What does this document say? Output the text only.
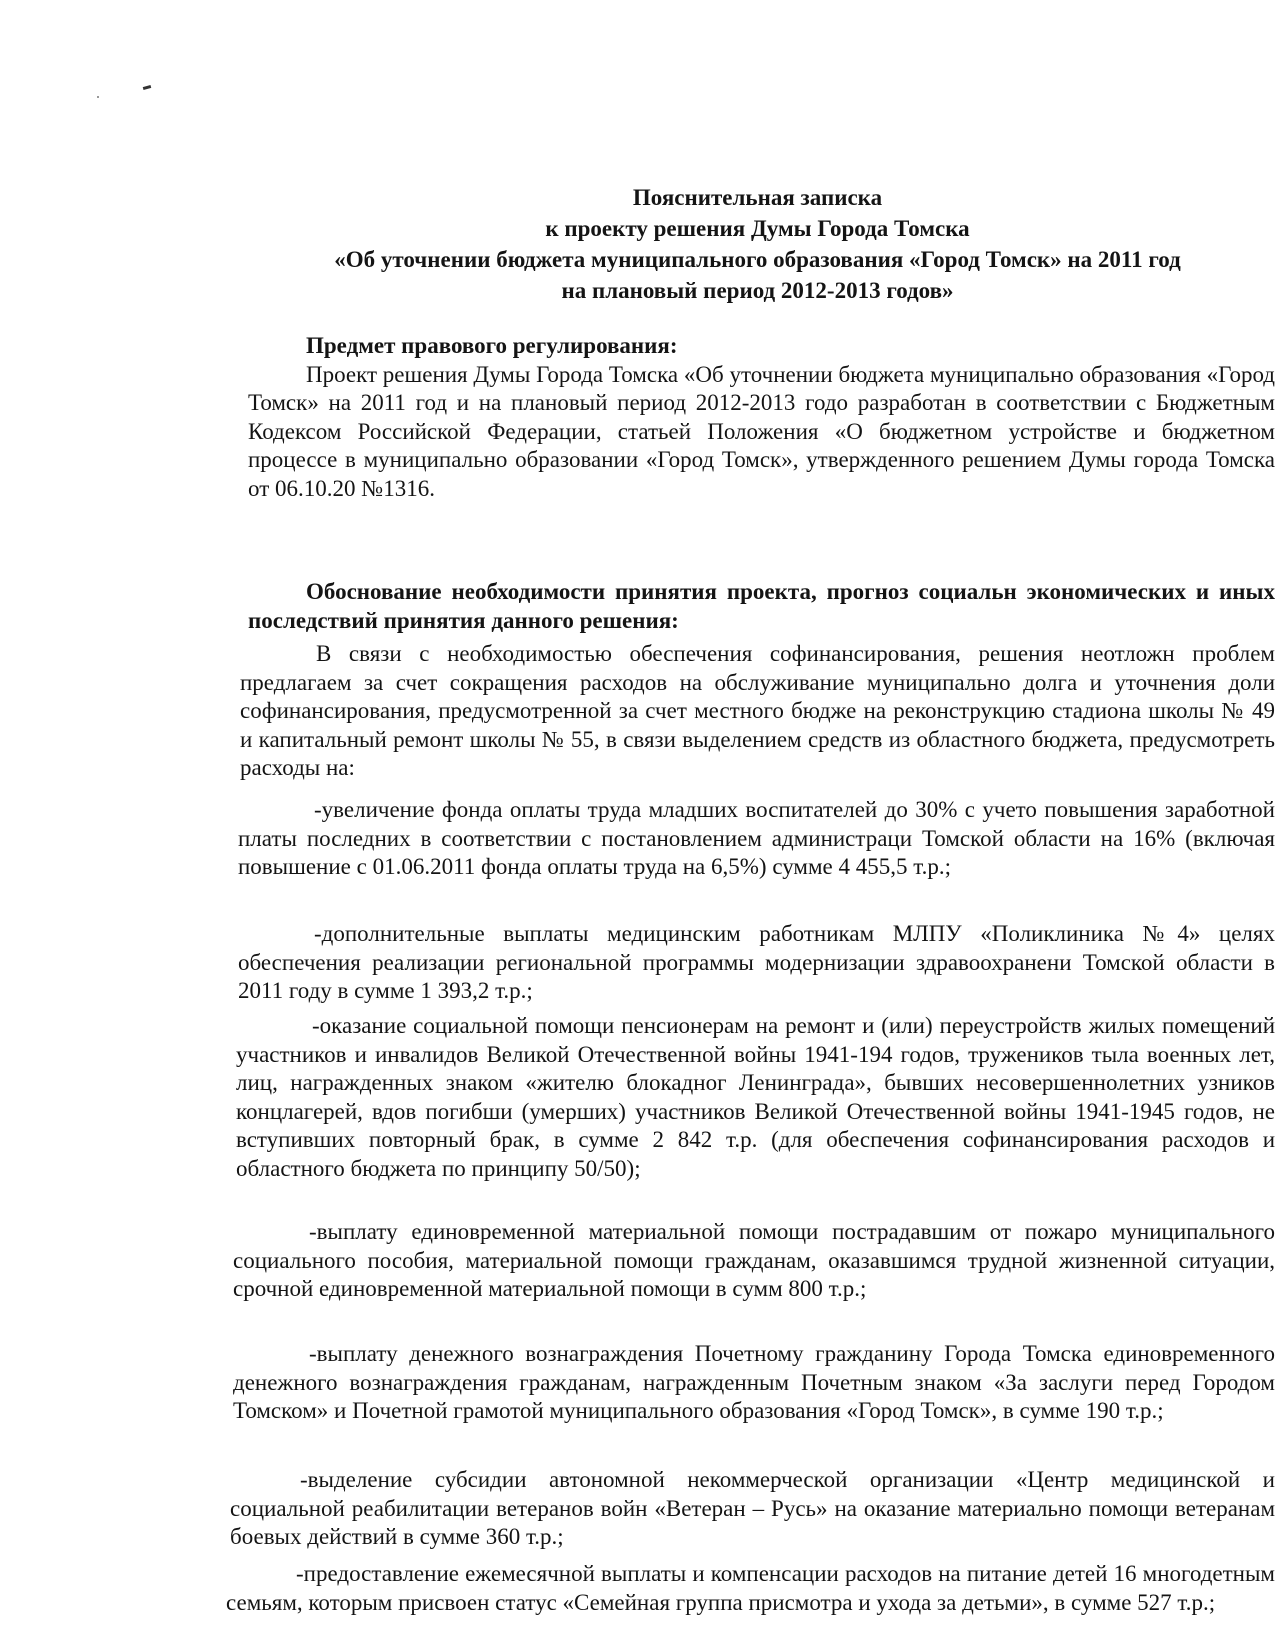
Пояснительная записка
к проекту решения Думы Города Томска
«Об уточнении бюджета муниципального образования «Город Томск» на 2011 год
на плановый период 2012-2013 годов»
Предмет правового регулирования:
Проект решения Думы Города Томска «Об уточнении бюджета муниципально образования «Город Томск» на 2011 год и на плановый период 2012-2013 годо разработан в соответствии с Бюджетным Кодексом Российской Федерации, статьей Положения «О бюджетном устройстве и бюджетном процессе в муниципально образовании «Город Томск», утвержденного решением Думы города Томска от 06.10.20 №1316.
Обоснование необходимости принятия проекта, прогноз социальн экономических и иных последствий принятия данного решения:
В связи с необходимостью обеспечения софинансирования, решения неотложн проблем предлагаем за счет сокращения расходов на обслуживание муниципально долга и уточнения доли софинансирования, предусмотренной за счет местного бюдже на реконструкцию стадиона школы № 49 и капитальный ремонт школы № 55, в связи выделением средств из областного бюджета, предусмотреть расходы на:
-увеличение фонда оплаты труда младших воспитателей до 30% с учето повышения заработной платы последних в соответствии с постановлением администраци Томской области на 16% (включая повышение с 01.06.2011 фонда оплаты труда на 6,5%) сумме 4 455,5 т.р.;
-дополнительные выплаты медицинским работникам МЛПУ «Поликлиника №4» целях обеспечения реализации региональной программы модернизации здравоохранени Томской области в 2011 году в сумме 1 393,2 т.р.;
-оказание социальной помощи пенсионерам на ремонт и (или) переустройств жилых помещений участников и инвалидов Великой Отечественной войны 1941-194 годов, тружеников тыла военных лет, лиц, награжденных знаком «жителю блокадног Ленинграда», бывших несовершеннолетних узников концлагерей, вдов погибши (умерших) участников Великой Отечественной войны 1941-1945 годов, не вступивших повторный брак, в сумме 2 842 т.р. (для обеспечения софинансирования расходов и областного бюджета по принципу 50/50);
-выплату единовременной материальной помощи пострадавшим от пожаро муниципального социального пособия, материальной помощи гражданам, оказавшимся трудной жизненной ситуации, срочной единовременной материальной помощи в сумм 800 т.р.;
-выплату денежного вознаграждения Почетному гражданину Города Томска единовременного денежного вознаграждения гражданам, награжденным Почетным знаком «За заслуги перед Городом Томском» и Почетной грамотой муниципального образования «Город Томск», в сумме 190 т.р.;
-выделение субсидии автономной некоммерческой организации «Центр медицинской и социальной реабилитации ветеранов войн «Ветеран – Русь» на оказание материально помощи ветеранам боевых действий в сумме 360 т.р.;
-предоставление ежемесячной выплаты и компенсации расходов на питание детей 16 многодетным семьям, которым присвоен статус «Семейная группа присмотра и ухода за детьми», в сумме 527 т.р.;
